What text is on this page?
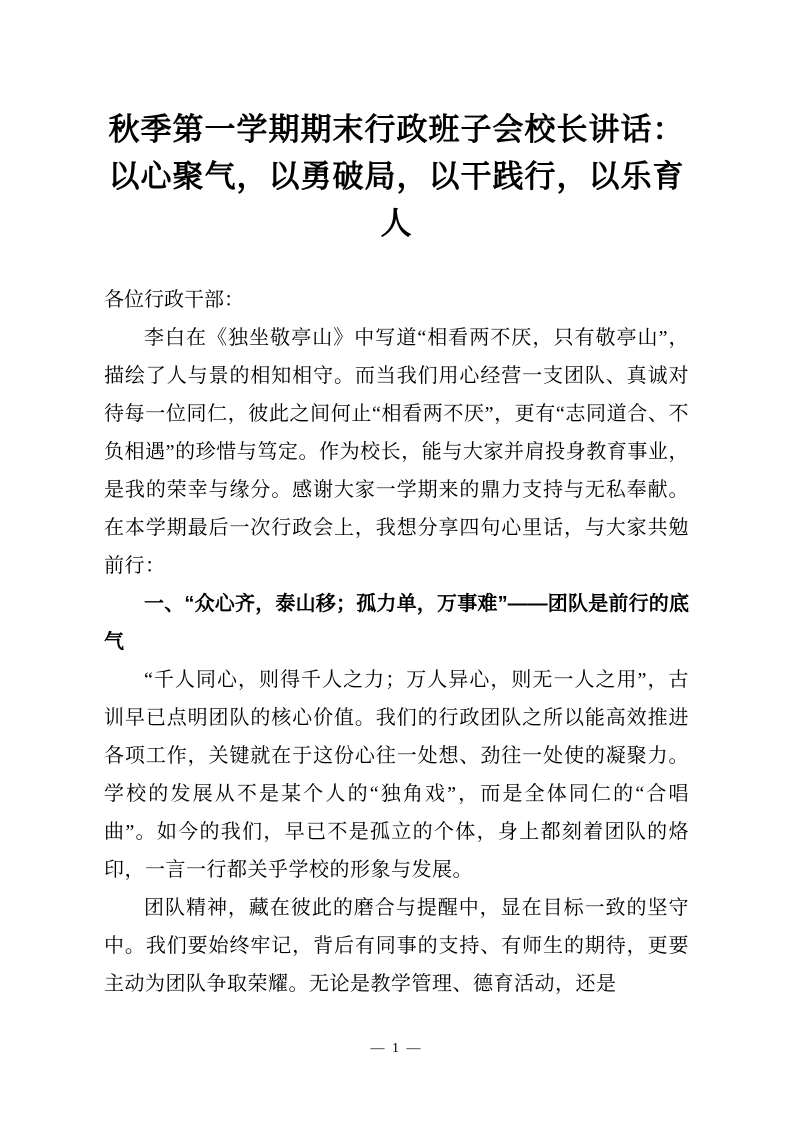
秋季第一学期期末行政班子会校长讲话：以心聚气，以勇破局，以干践行，以乐育人

各位行政干部：

李白在《独坐敬亭山》中写道“相看两不厌，只有敬亭山”，描绘了人与景的相知相守。而当我们用心经营一支团队、真诚对待每一位同仁，彼此之间何止“相看两不厌”，更有“志同道合、不负相遇”的珍惜与笃定。作为校长，能与大家并肩投身教育事业，是我的荣幸与缘分。感谢大家一学期来的鼎力支持与无私奉献。在本学期最后一次行政会上，我想分享四句心里话，与大家共勉前行：

一、“众心齐，泰山移；孤力单，万事难”——团队是前行的底气

“千人同心，则得千人之力；万人异心，则无一人之用”，古训早已点明团队的核心价值。我们的行政团队之所以能高效推进各项工作，关键就在于这份心往一处想、劲往一处使的凝聚力。学校的发展从不是某个人的“独角戏”，而是全体同仁的“合唱曲”。如今的我们，早已不是孤立的个体，身上都刻着团队的烙印，一言一行都关乎学校的形象与发展。

团队精神，藏在彼此的磨合与提醒中，显在目标一致的坚守中。我们要始终牢记，背后有同事的支持、有师生的期待，更要主动为团队争取荣耀。无论是教学管理、德育活动，还是

— 1 —
